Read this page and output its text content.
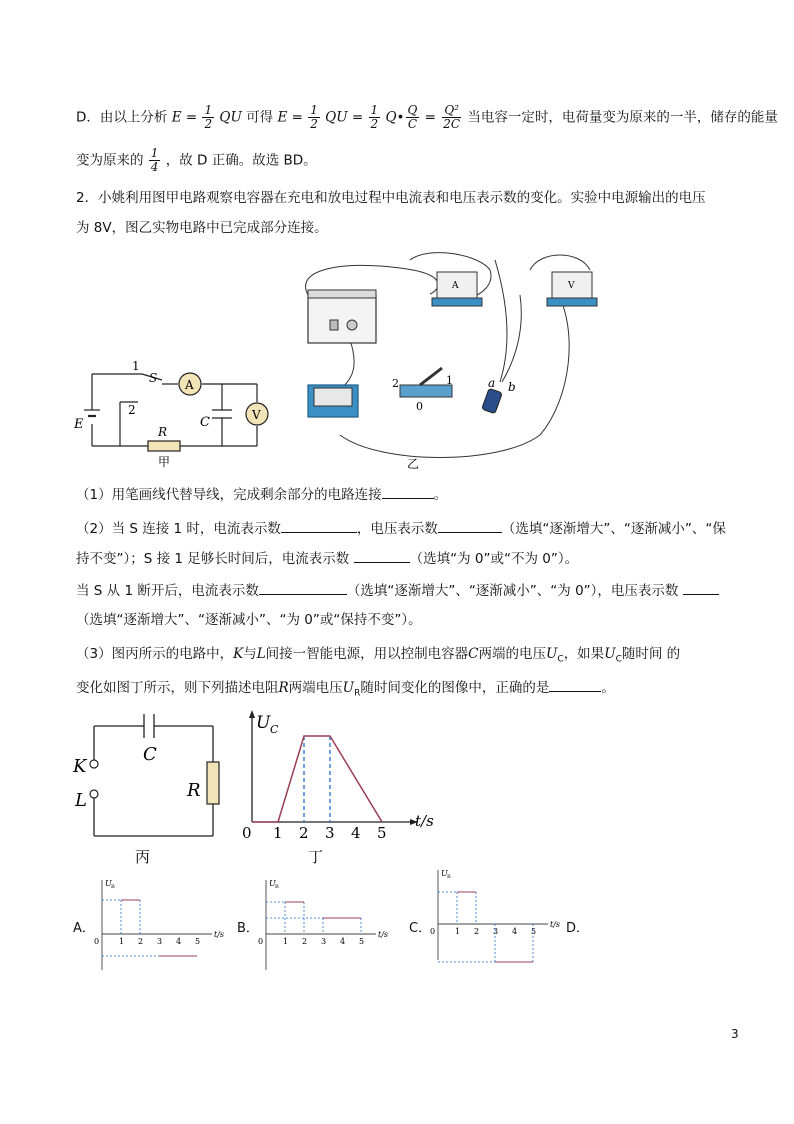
D．由以上分析 $E = \frac{1}{2}$ QU 可得 $E = \frac{1}{2}$ QU = $\frac{1}{2}$ Q• $\frac{Q}{C} = \frac{\text{Q²}}{2C}$ 当电容一定时，电荷量变为原来的一半，储存的能量
变为原来的 $\frac{1}{4}$ ，故 D 正确。故选 BD。
2．小姚利用图甲电路观察电容器在充电和放电过程中电流表和电压表示数的变化。实验中电源输出的电压
为 8V，图乙实物电路中已完成部分连接。
1
S A
V
2
C
E	R
甲
2	1
0
A	V
a b
乙
（1）用笔画线代替导线，完成剩余部分的电路连接	。
（2）当 S 连接 1 时，电流表示数	，电压表示数	（选填“逐渐增大”、“逐渐减小”、“保
持不变”）；S 接 1 足够长时间后，电流表示数	（选填“为 0”或“不为 0”）。
当 S 从 1 断开后，电流表示数	（选填“逐渐增大”、“逐渐减小”、“为 0”），电压表示数
（选填“逐渐增大”、“逐渐减小”、“为 0”或“保持不变”）。
（3）图丙所示的电路中，K与L间接一智能电源，用以控制电容器C两端的电压$U_C$，如果$U_C$随时间 的
变化如图丁所示，则下列描述电阻R两端电压$U_R$随时间变化的图像中，正确的是	。
C
K
L	R
丙
0 1 2 3 4 5
U C
t/s
丁
A．
U R
0 1 2 3 4 5
t/s B．
U R
0 1 2 3 4 5
t/s C．
U R
0 1 2 3 4 5
t/s D．
3
